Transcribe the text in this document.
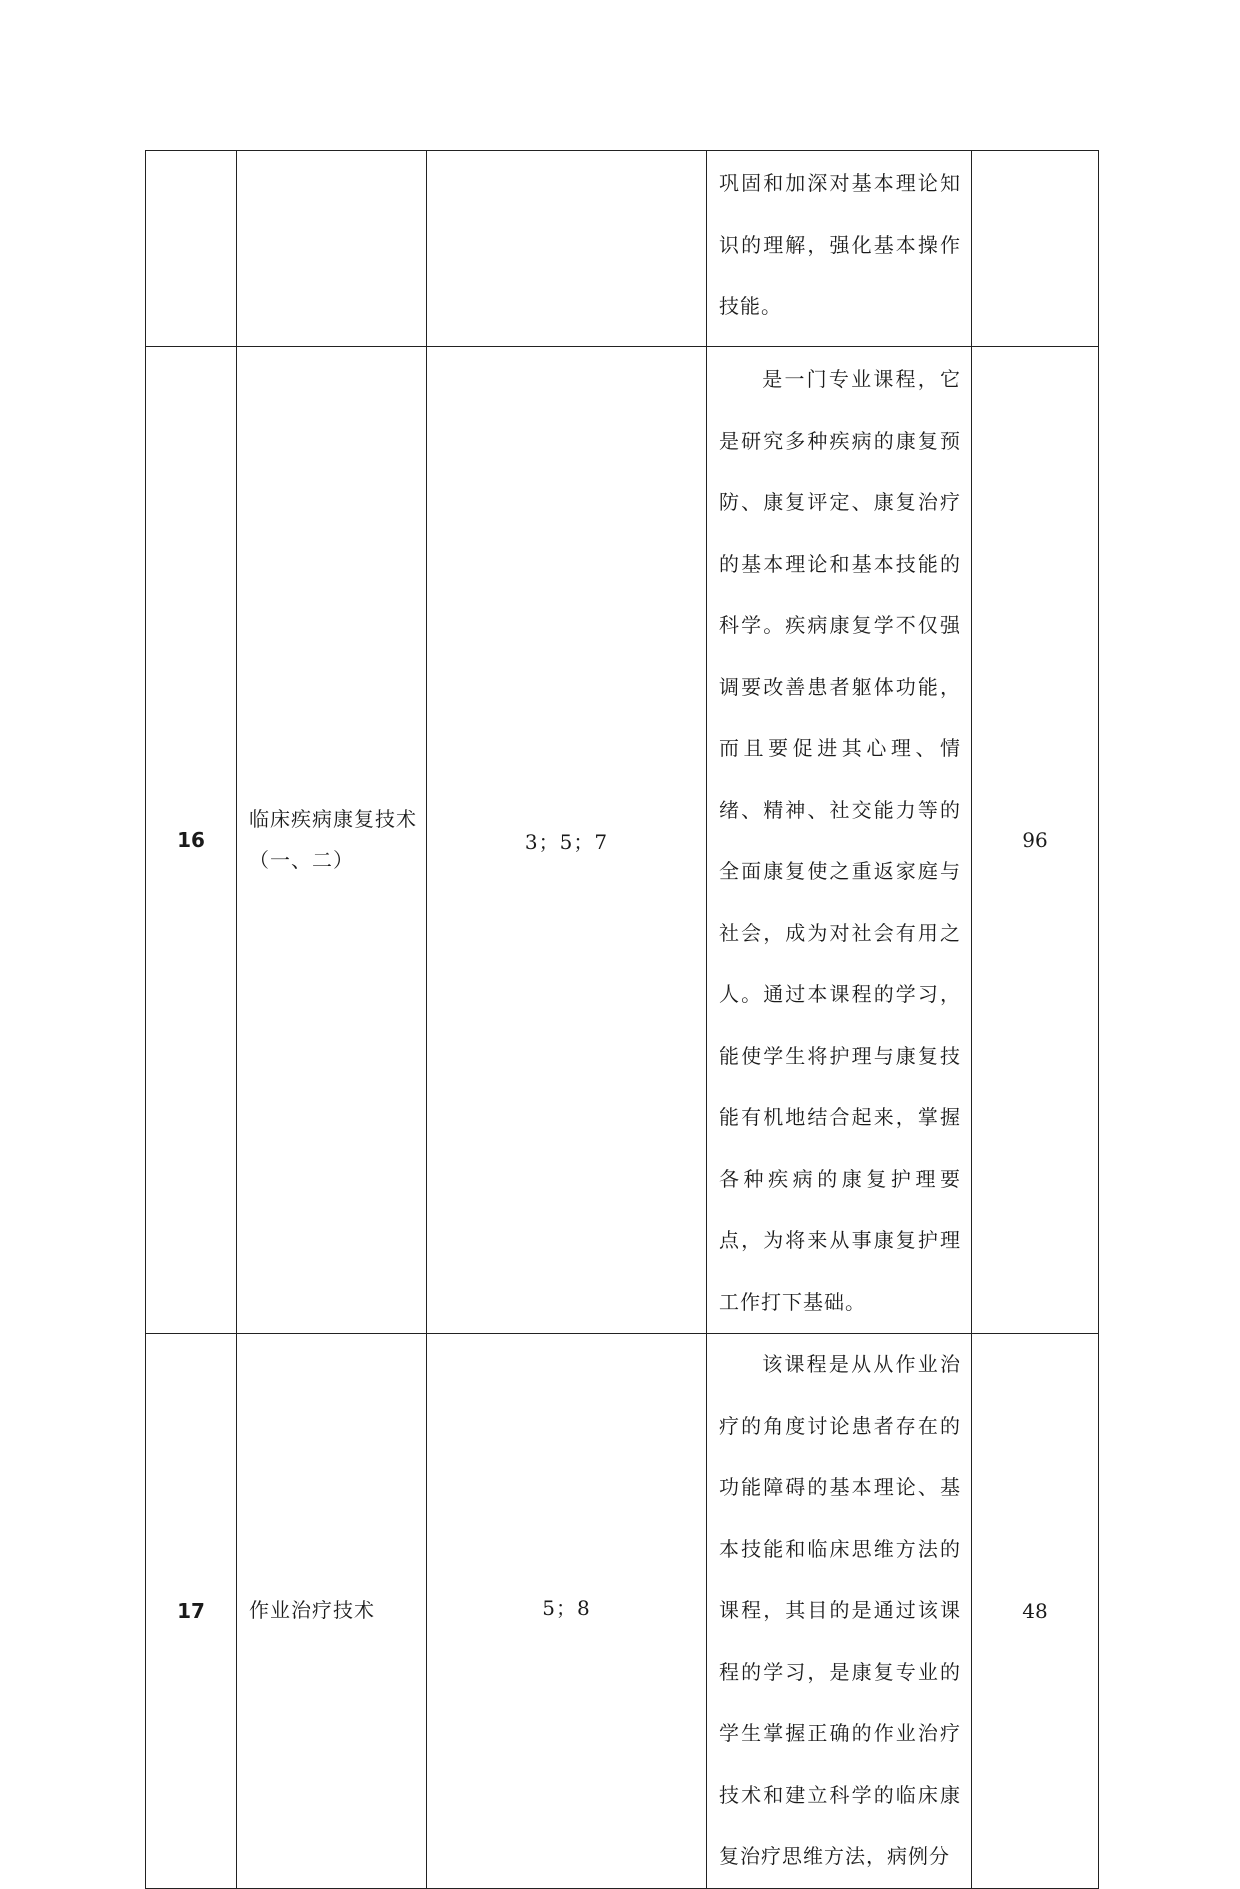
			巩固和加深对基本理论知识的理解，强化基本操作技能。	
16	临床疾病康复技术（一、二）	3；5；7	是一门专业课程，它是研究多种疾病的康复预防、康复评定、康复治疗的基本理论和基本技能的科学。疾病康复学不仅强调要改善患者躯体功能，而且要促进其心理、情绪、精神、社交能力等的全面康复使之重返家庭与社会，成为对社会有用之人。通过本课程的学习，能使学生将护理与康复技能有机地结合起来，掌握各种疾病的康复护理要点，为将来从事康复护理工作打下基础。	96
17	作业治疗技术	5；8	该课程是从从作业治疗的角度讨论患者存在的功能障碍的基本理论、基本技能和临床思维方法的课程，其目的是通过该课程的学习，是康复专业的学生掌握正确的作业治疗技术和建立科学的临床康复治疗思维方法，病例分	48
